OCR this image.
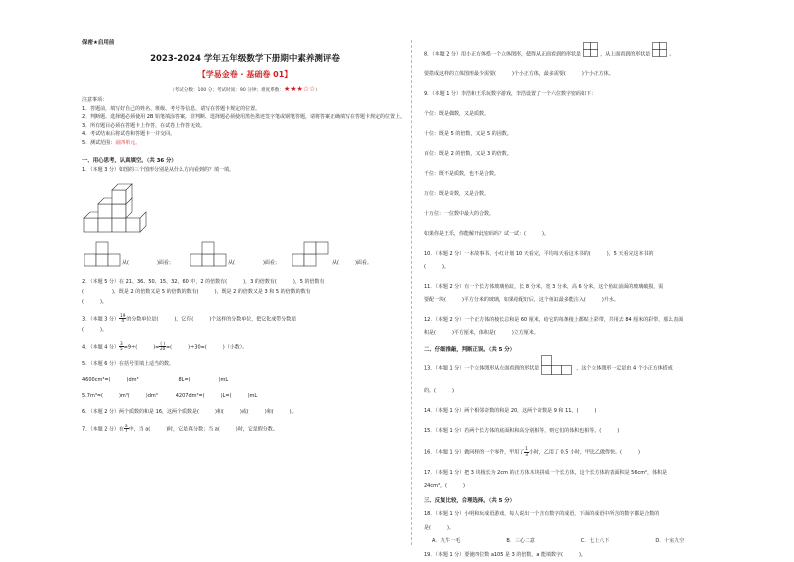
保密★启用前
2023-2024 学年五年级数学下册期中素养测评卷
【学易金卷 · 基础卷 01】
（考试分数：100 分；考试时间：90 分钟；难度系数：★★★☆☆）
注意事项：
1．答题前，填写好自己的姓名、班级、考号等信息，请写在答题卡规定的位置。
2．判断题、选择题必须使用 2B 铅笔填涂答案，非判断、选择题必须使用黑色墨迹签字笔或钢笔答题，请将答案正确填写在答题卡规定的位置上。
3．所有题目必须在答题卡上作答，在试卷上作答无效。
4．考试结束后将试卷和答题卡一并交回。
5．测试范围：前四单元。
一、用心思考，认真填空。（共 36 分）
1．（本题 3 分）如图的三个图形分别是从什么方向看到的？填一填。
从(	)面看；	从(	)面看；	从(	)面看。
2．（本题 5 分）在 21、36、50、15、32、60 中，2 的倍数有(	)，3 的倍数有(	)，5 的倍数有
(	)，既是 2 的倍数又是 5 的倍数的数有(	)，既是 2 的倍数又是 3 和 5 的倍数的数有
(	)。
3．（本题 3 分） $\frac{19}{4}$的分数单位是(	)，它有(	)个这样的分数单位，把它化成带分数是
(	)。
4．（本题 4 分） $\frac{3}{5}=9\div$(	)= $\frac{( )}{20}=$(	)÷30=(	)（小数）。
5．（本题 6 分）在括号里填上适当的数。
4600cm³=(	)dm³	8L=(	)mL
5.7m³=(	)m³(	)dm³	4207dm³=(	)L=(	)mL
6．（本题 2 分）两个质数的和是 16，这两个质数是(	)和(	)或(	)和(	)。
7．（本题 2 分）在 $\frac{a}{7}$中，当 a(	)时，它是真分数；当 a(	)时，它是假分数。
8．（本题 2 分）用小正方体搭一个立体图形，使得从正面看到的形状是	，从上面看到的形状是	。
要搭成这样的立体图形最少需要(	)个小正方体，最多需要(	)个小正方体。
9．（本题 1 分）李浩和王乐玩数字游戏，李浩设置了一个六位数字密码如下：
个位：既是偶数，又是质数。
十位：既是 5 的倍数，又是 5 的因数。
百位：既是 2 的倍数，又是 3 的倍数。
千位：既不是质数，也不是合数。
万位：既是奇数，又是合数。
十万位：一位数中最大的合数。
如果你是王乐，你能解开此密码吗？试一试：(	)。
10．（本题 2 分）一本故事书，小红计划 10 天看完，平均每天看这本书的(	)，5 天看完这本书的
(	)。
11．（本题 2 分）有一个长方体玻璃鱼缸，长 8 分米，宽 3 分米，高 6 分米，这个鱼缸前面的玻璃破损，需
要配一块(	)平方分米的玻璃，如果给配好后，这个鱼缸最多能注入(	)升水。
12．（本题 2 分）一个正方体的棱长总和是 60 厘米，给它的每条棱上都贴上彩带，共用去 84 厘米的彩带，那么表面
积是(	)平方厘米，体积是(	)立方厘米。
二、仔细推敲，判断正误。（共 5 分）
13．（本题 1 分）一个立体图形从左面看到的形状是	，这个立体图形一定是由 4 个小正方体搭成
的。(	)
14．（本题 1 分）两个相邻奇数的和是 20，这两个奇数是 9 和 11。(	)
15．（本题 1 分）若两个长方体的底面积和高分别相等，则它们的体积也相等。(	)
16．（本题 1 分）做同样的一个零件，甲用了 $\frac{1}{3}$小时，乙用了 0.5 小时，甲比乙做得快。(	)
17．（本题 1 分）把 3 块棱长为 2cm 的正方体木块拼成一个长方体，这个长方体的表面积是 56cm²，体积是
24cm³。(	)
三、反复比较，合理选择。（共 5 分）
18．（本题 1 分）小明和玩成语游戏，每人说出一个含有数字的成语，下面的成语中所含的数字都是合数的
是(	)。
A．九牛一毛	B．三心二意	C．七上八下	D．十室九空
19．（本题 1 分）要使四位数 a105 是 3 的倍数，a 能填数字(	)。
